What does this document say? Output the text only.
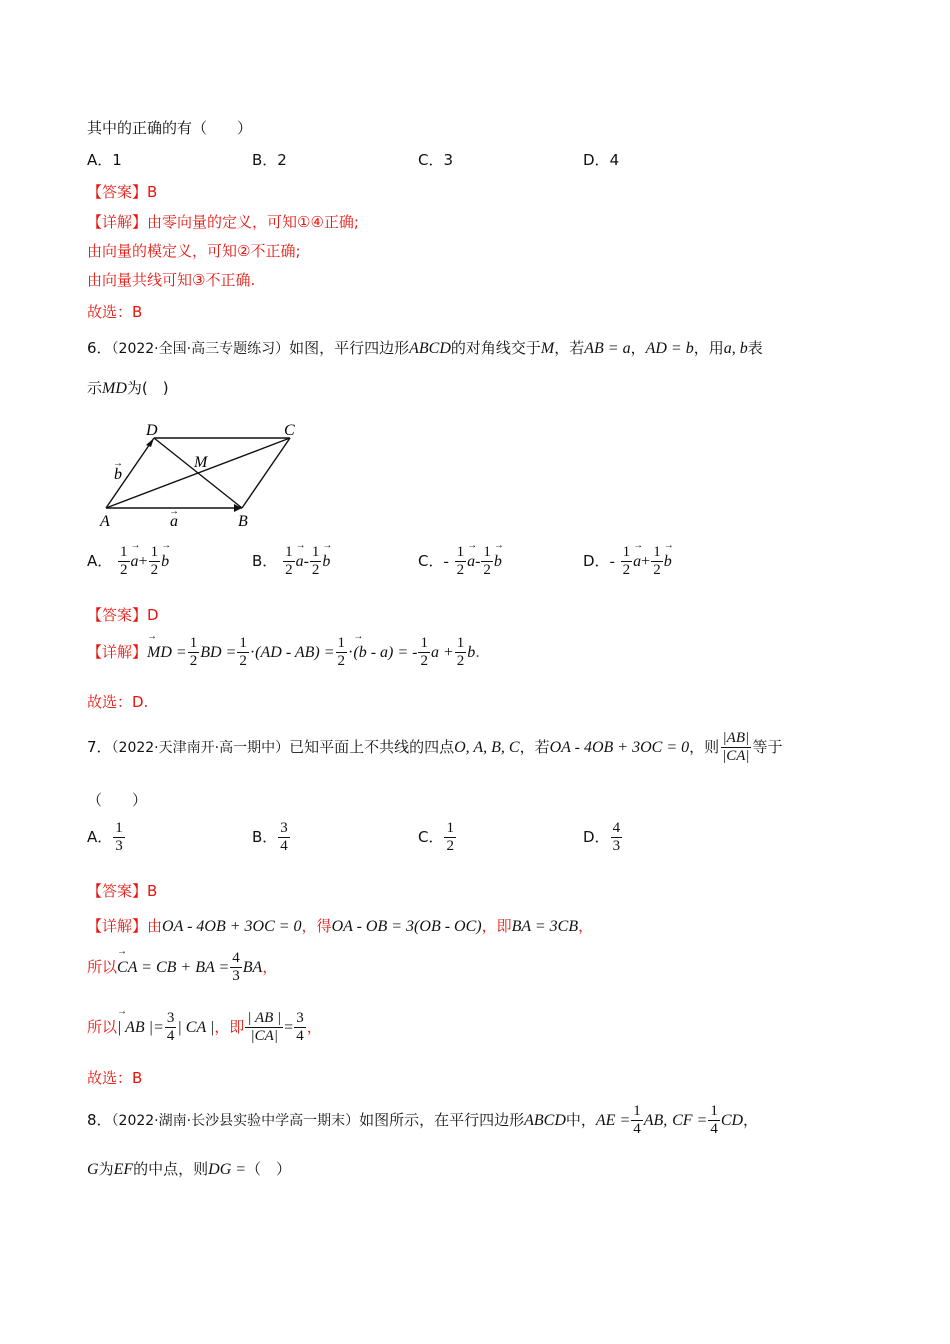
其中的正确的有（　　）
A．1	B．2	C．3	D．4
【答案】B
【详解】由零向量的定义，可知①④正确;
由向量的模定义，可知②不正确;
由向量共线可知③不正确.
故选：B
6．（2022·全国·高三专题练习）如图，平行四边形ABCD的对角线交于M，若AB = a，AD = b，用a, b表
示MD为(　)
D	C
M
A	B
b
a
→
→
A． $\frac{1}{2}$
→ $a+ \frac{1}{2}$
→ b	B． $\frac{1}{2}$
→ $a- \frac{1}{2}$
→ b	C．- $\frac{1}{2}$
→ $a- \frac{1}{2}$
→ b	D．- $\frac{1}{2}$
→ $a+ \frac{1}{2}$
→ b
【答案】D
【详解】→ MD = $\frac{1}{2}$ BD = $\frac{1}{2} \cdot(AD - AB) = \frac{1}{2} \cdot\to (b - a)$ = - $\frac{1}{2}$ $a + \frac{1}{2} b$.
故选：D.
7．（2022·天津南开·高一期中）已知平面上不共线的四点O, A, B, C，若OA - 4OB + 3OC = 0，则 $\frac{|AB|}{|CA|}$ 等于
（　　）
A． $\frac{1}{3}$	B． $\frac{3}{4}$	C． $\frac{1}{2}$	D． $\frac{4}{3}$
【答案】B
【详解】由OA - 4OB + 3OC = 0，得OA - OB = 3(OB - OC)，即BA = 3CB，
所以→ CA = CB + BA = $\frac{4}{3}$ BA，
所以→ | AB |= $\frac{3}{4}$ | CA |，即 $\frac{| AB |}{|CA|} = \frac{3}{4}$ ，
故选：B
8．（2022·湖南·长沙县实验中学高一期末）如图所示，在平行四边形ABCD中，AE = $\frac{1}{4}$ AB, CF = $\frac{1}{4}$ CD，
G为EF的中点，则DG =（　）
